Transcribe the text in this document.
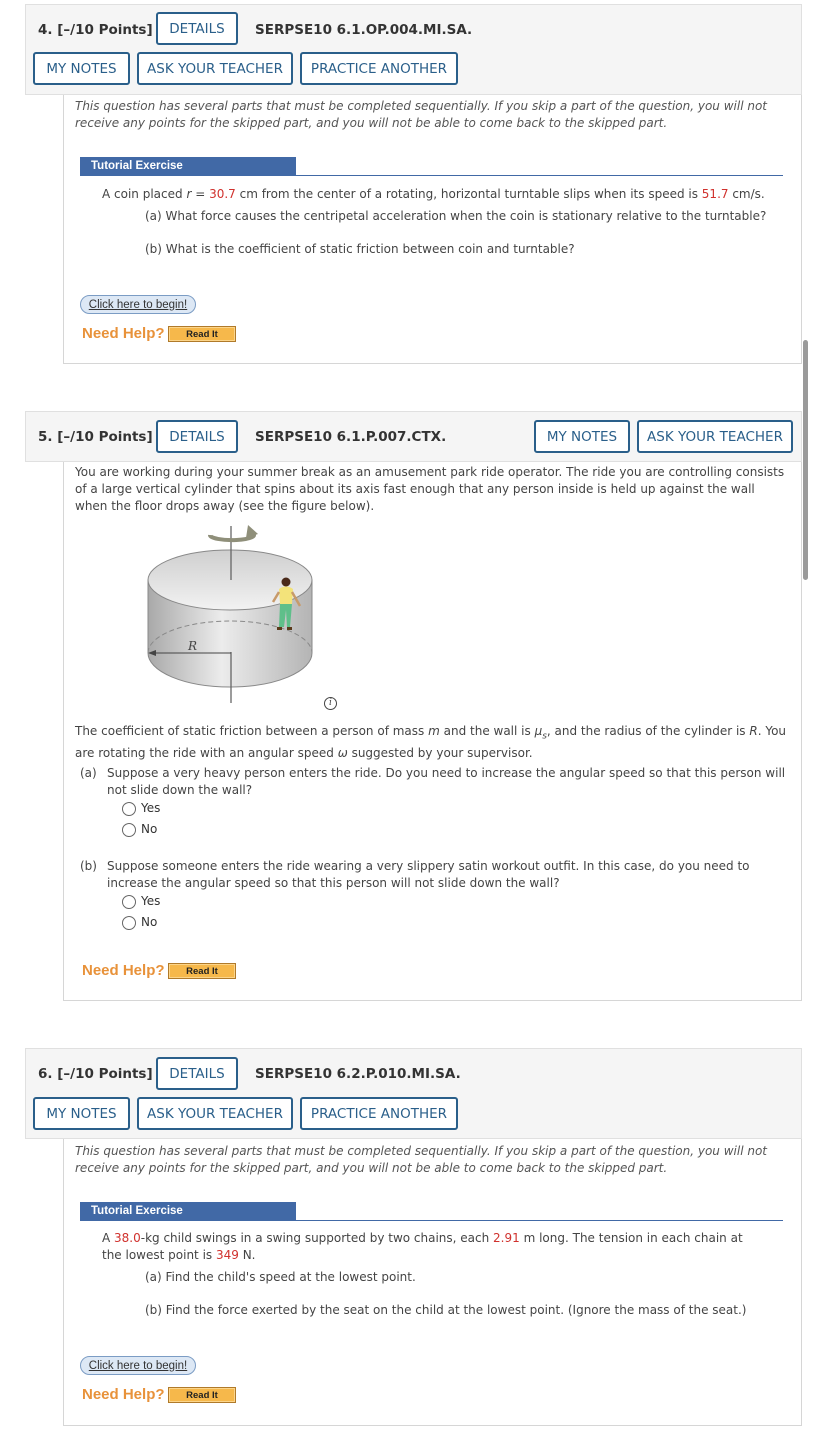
4. [–/10 Points]	DETAILS	SERPSE10 6.1.OP.004.MI.SA.
MY NOTES	ASK YOUR TEACHER	PRACTICE ANOTHER
This question has several parts that must be completed sequentially. If you skip a part of the question, you will not receive any points for the skipped part, and you will not be able to come back to the skipped part.
Tutorial Exercise
A coin placed r = 30.7 cm from the center of a rotating, horizontal turntable slips when its speed is 51.7 cm/s.
(a) What force causes the centripetal acceleration when the coin is stationary relative to the turntable?
(b) What is the coefficient of static friction between coin and turntable?
Click here to begin!
Need Help?	Read It
5. [–/10 Points]	DETAILS	SERPSE10 6.1.P.007.CTX.	MY NOTES	ASK YOUR TEACHER
You are working during your summer break as an amusement park ride operator. The ride you are controlling consists of a large vertical cylinder that spins about its axis fast enough that any person inside is held up against the wall when the floor drops away (see the figure below).
R
i
The coefficient of static friction between a person of mass m and the wall is $\mu_s$, and the radius of the cylinder is R. You are rotating the ride with an angular speed ω suggested by your supervisor.
(a) Suppose a very heavy person enters the ride. Do you need to increase the angular speed so that this person will not slide down the wall?
Yes
No
(b) Suppose someone enters the ride wearing a very slippery satin workout outfit. In this case, do you need to increase the angular speed so that this person will not slide down the wall?
Yes
No
Need Help?	Read It
6. [–/10 Points]	DETAILS	SERPSE10 6.2.P.010.MI.SA.
MY NOTES	ASK YOUR TEACHER	PRACTICE ANOTHER
This question has several parts that must be completed sequentially. If you skip a part of the question, you will not receive any points for the skipped part, and you will not be able to come back to the skipped part.
Tutorial Exercise
A 38.0-kg child swings in a swing supported by two chains, each 2.91 m long. The tension in each chain at the lowest point is 349 N.
(a) Find the child's speed at the lowest point.
(b) Find the force exerted by the seat on the child at the lowest point. (Ignore the mass of the seat.)
Click here to begin!
Need Help?	Read It
